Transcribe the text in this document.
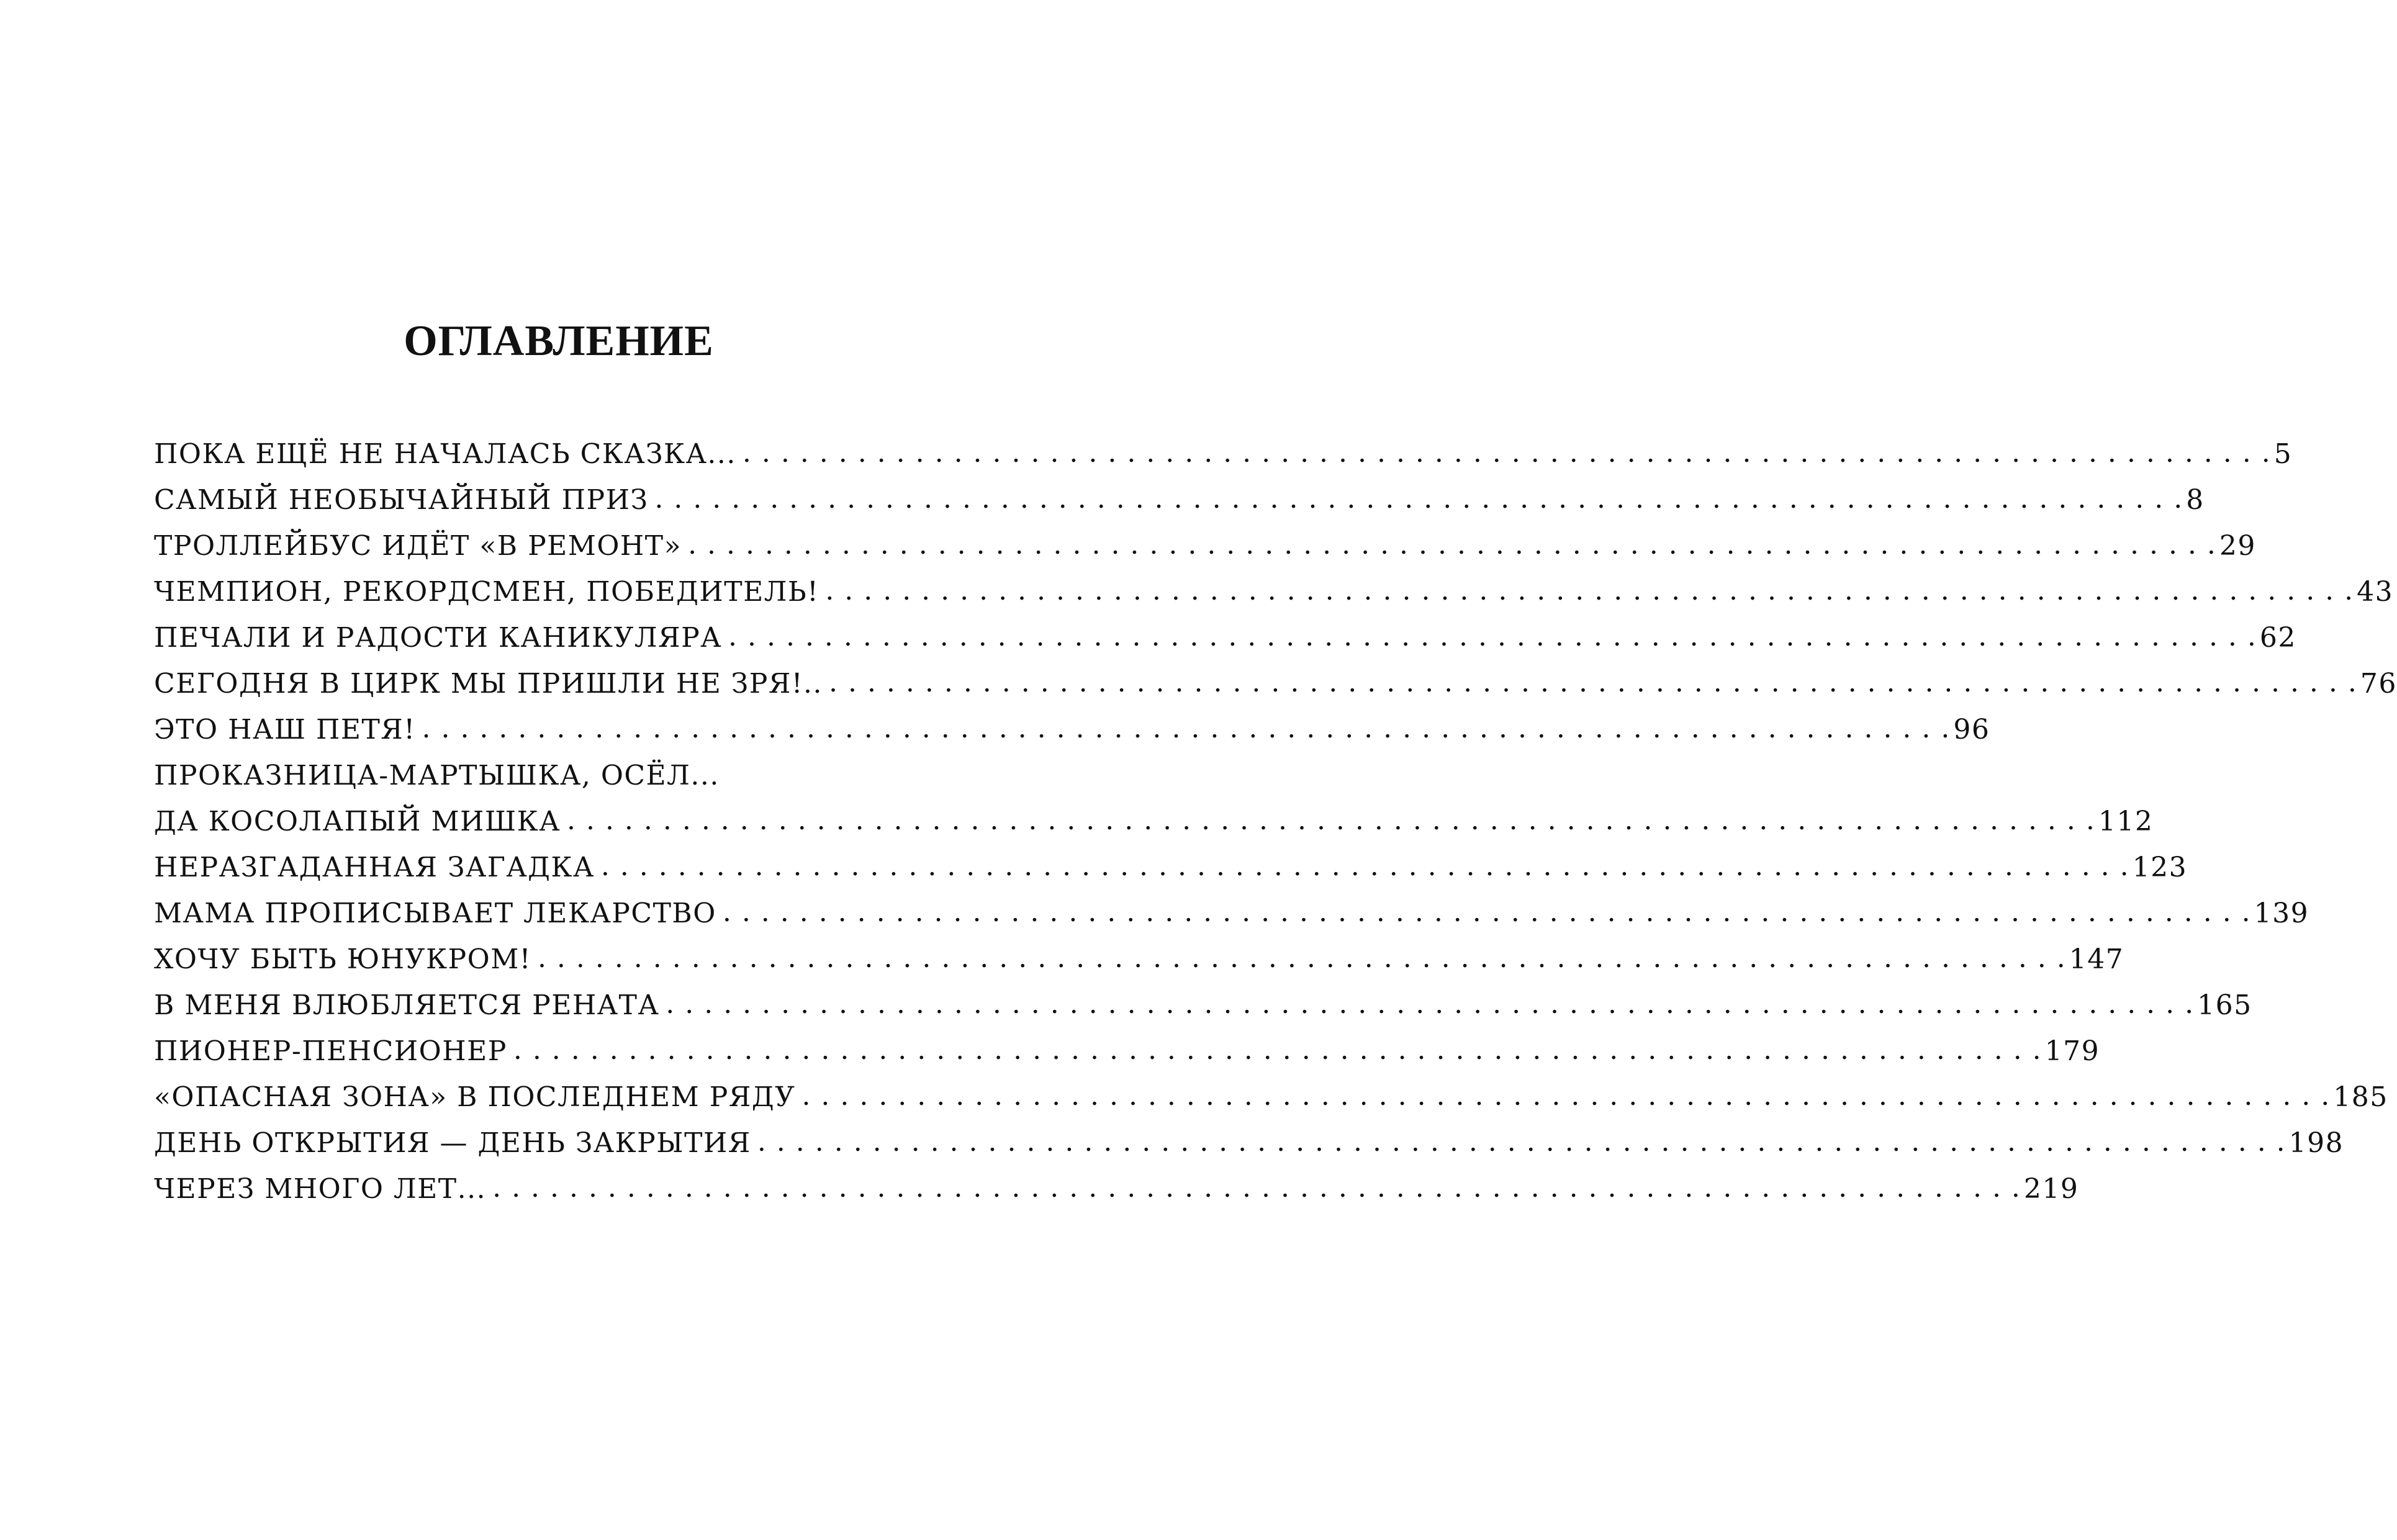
ОГЛАВЛЕНИЕ
ПОКА ЕЩЁ НЕ НАЧАЛАСЬ СКАЗКА... . . .	5
САМЫЙ НЕОБЫЧАЙНЫЙ ПРИЗ . . .	8
ТРОЛЛЕЙБУС ИДЁТ «В РЕМОНТ» . . .	29
ЧЕМПИОН, РЕКОРДСМЕН, ПОБЕДИТЕЛЬ! . . .	43
ПЕЧАЛИ И РАДОСТИ КАНИКУЛЯРА . . .	62
СЕГОДНЯ В ЦИРК МЫ ПРИШЛИ НЕ ЗРЯ!.. . . .	76
ЭТО НАШ ПЕТЯ! . . .	96
ПРОКАЗНИЦА-МАРТЫШКА, ОСЁЛ...
ДА КОСОЛАПЫЙ МИШКА . . .	112
НЕРАЗГАДАННАЯ ЗАГАДКА . . .	123
МАМА ПРОПИСЫВАЕТ ЛЕКАРСТВО . . .	139
ХОЧУ БЫТЬ ЮНУКРОМ! . . .	147
В МЕНЯ ВЛЮБЛЯЕТСЯ РЕНАТА . . .	165
ПИОНЕР-ПЕНСИОНЕР . . .	179
«ОПАСНАЯ ЗОНА» В ПОСЛЕДНЕМ РЯДУ . . .	185
ДЕНЬ ОТКРЫТИЯ — ДЕНЬ ЗАКРЫТИЯ . . .	198
ЧЕРЕЗ МНОГО ЛЕТ... . . .	219
